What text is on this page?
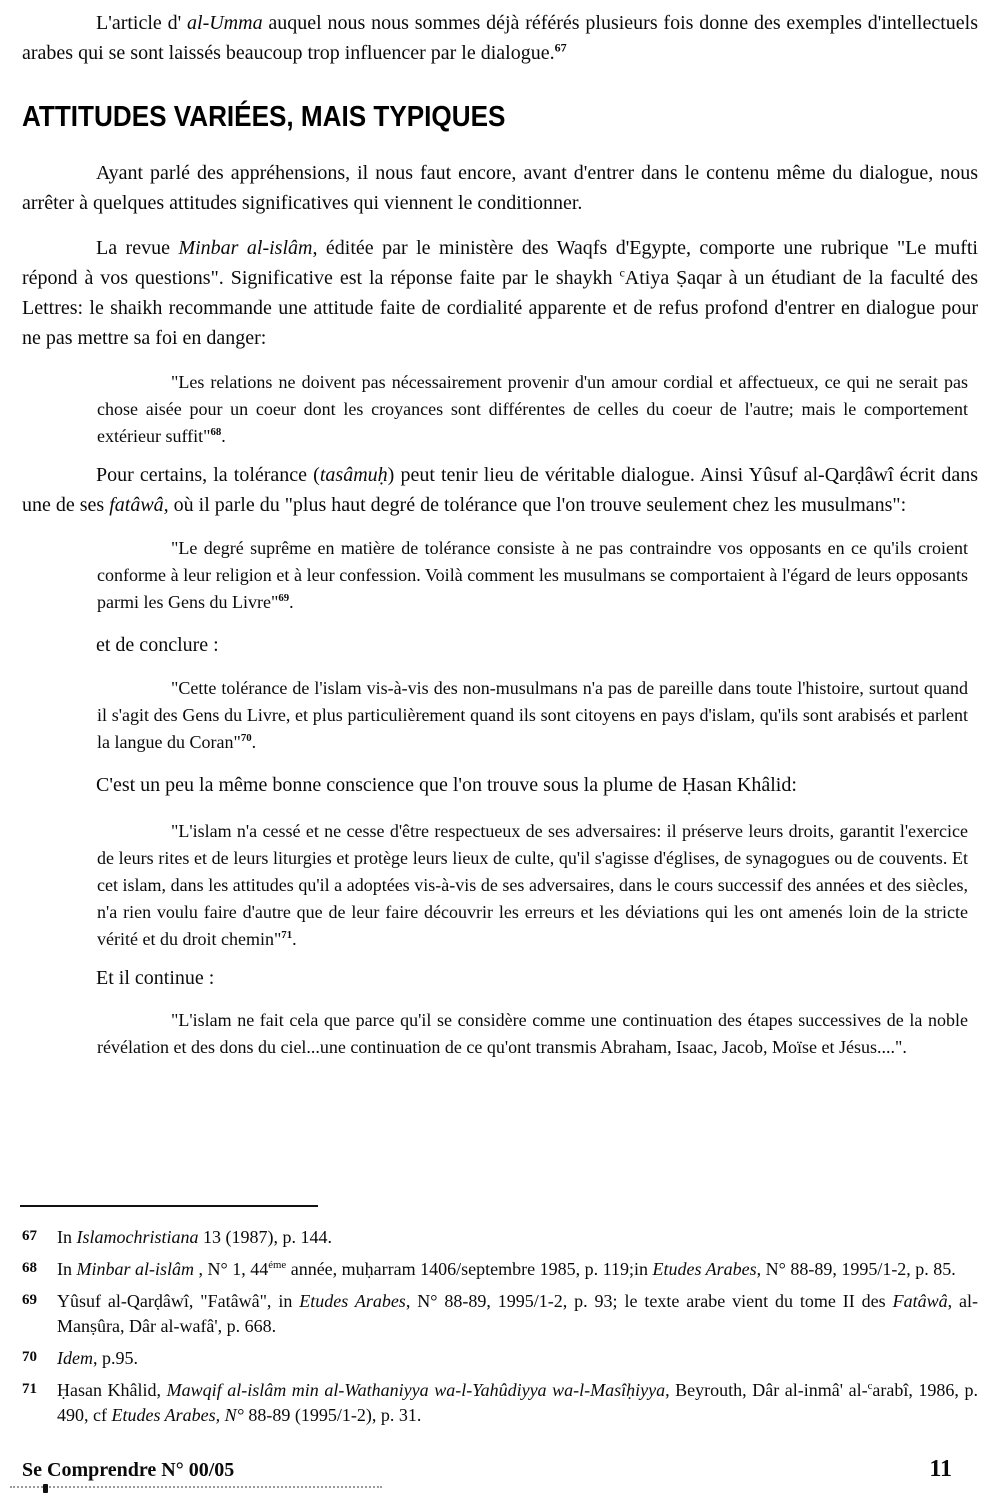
L'article d' al-Umma auquel nous nous sommes déjà référés plusieurs fois donne des exemples d'intellectuels arabes qui se sont laissés beaucoup trop influencer par le dialogue.$^{67}$

ATTITUDES VARIÉES, MAIS TYPIQUES

Ayant parlé des appréhensions, il nous faut encore, avant d'entrer dans le contenu même du dialogue, nous arrêter à quelques attitudes significatives qui viennent le conditionner.

La revue Minbar al-islâm, éditée par le ministère des Waqfs d'Egypte, comporte une rubrique "Le mufti répond à vos questions". Significative est la réponse faite par le shaykh $^c$Atiya Ṣaqar à un étudiant de la faculté des Lettres: le shaikh recommande une attitude faite de cordialité apparente et de refus profond d'entrer en dialogue pour ne pas mettre sa foi en danger:

"Les relations ne doivent pas nécessairement provenir d'un amour cordial et affectueux, ce qui ne serait pas chose aisée pour un coeur dont les croyances sont différentes de celles du coeur de l'autre; mais le comportement extérieur suffit"$^{68}$.

Pour certains, la tolérance (tasâmuḥ) peut tenir lieu de véritable dialogue. Ainsi Yûsuf al-Qarḍâwî écrit dans une de ses fatâwâ, où il parle du "plus haut degré de tolérance que l'on trouve seulement chez les musulmans":

"Le degré suprême en matière de tolérance consiste à ne pas contraindre vos opposants en ce qu'ils croient conforme à leur religion et à leur confession. Voilà comment les musulmans se comportaient à l'égard de leurs opposants parmi les Gens du Livre"$^{69}$.

et de conclure :

"Cette tolérance de l'islam vis-à-vis des non-musulmans n'a pas de pareille dans toute l'histoire, surtout quand il s'agit des Gens du Livre, et plus particulièrement quand ils sont citoyens en pays d'islam, qu'ils sont arabisés et parlent la langue du Coran"$^{70}$.

C'est un peu la même bonne conscience que l'on trouve sous la plume de Ḥasan Khâlid:

"L'islam n'a cessé et ne cesse d'être respectueux de ses adversaires: il préserve leurs droits, garantit l'exercice de leurs rites et de leurs liturgies et protège leurs lieux de culte, qu'il s'agisse d'églises, de synagogues ou de couvents. Et cet islam, dans les attitudes qu'il a adoptées vis-à-vis de ses adversaires, dans le cours successif des années et des siècles, n'a rien voulu faire d'autre que de leur faire découvrir les erreurs et les déviations qui les ont amenés loin de la stricte vérité et du droit chemin"$^{71}$.

Et il continue :

"L'islam ne fait cela que parce qu'il se considère comme une continuation des étapes successives de la noble révélation et des dons du ciel...une continuation de ce qu'ont transmis Abraham, Isaac, Jacob, Moïse et Jésus....".

67	In Islamochristiana 13 (1987), p. 144.
68	In Minbar al-islâm , N° 1, $44^{éme}$ année, muḥarram 1406/septembre 1985, p. 119;in Etudes Arabes, N° 88-89, 1995/1-2, p. 85.
69	Yûsuf al-Qarḍâwî, "Fatâwâ", in Etudes Arabes, N° 88-89, 1995/1-2, p. 93; le texte arabe vient du tome II des Fatâwâ, al-Manṣûra, Dâr al-wafâ', p. 668.
70	Idem, p.95.
71	Ḥasan Khâlid, Mawqif al-islâm min al-Wathaniyya wa-l-Yahûdiyya wa-l-Masîḥiyya, Beyrouth, Dâr al-inmâ' al-$^c$arabî, 1986, p. 490, cf Etudes Arabes, N° 88-89 (1995/1-2), p. 31.
Se Comprendre N° 00/05	11
